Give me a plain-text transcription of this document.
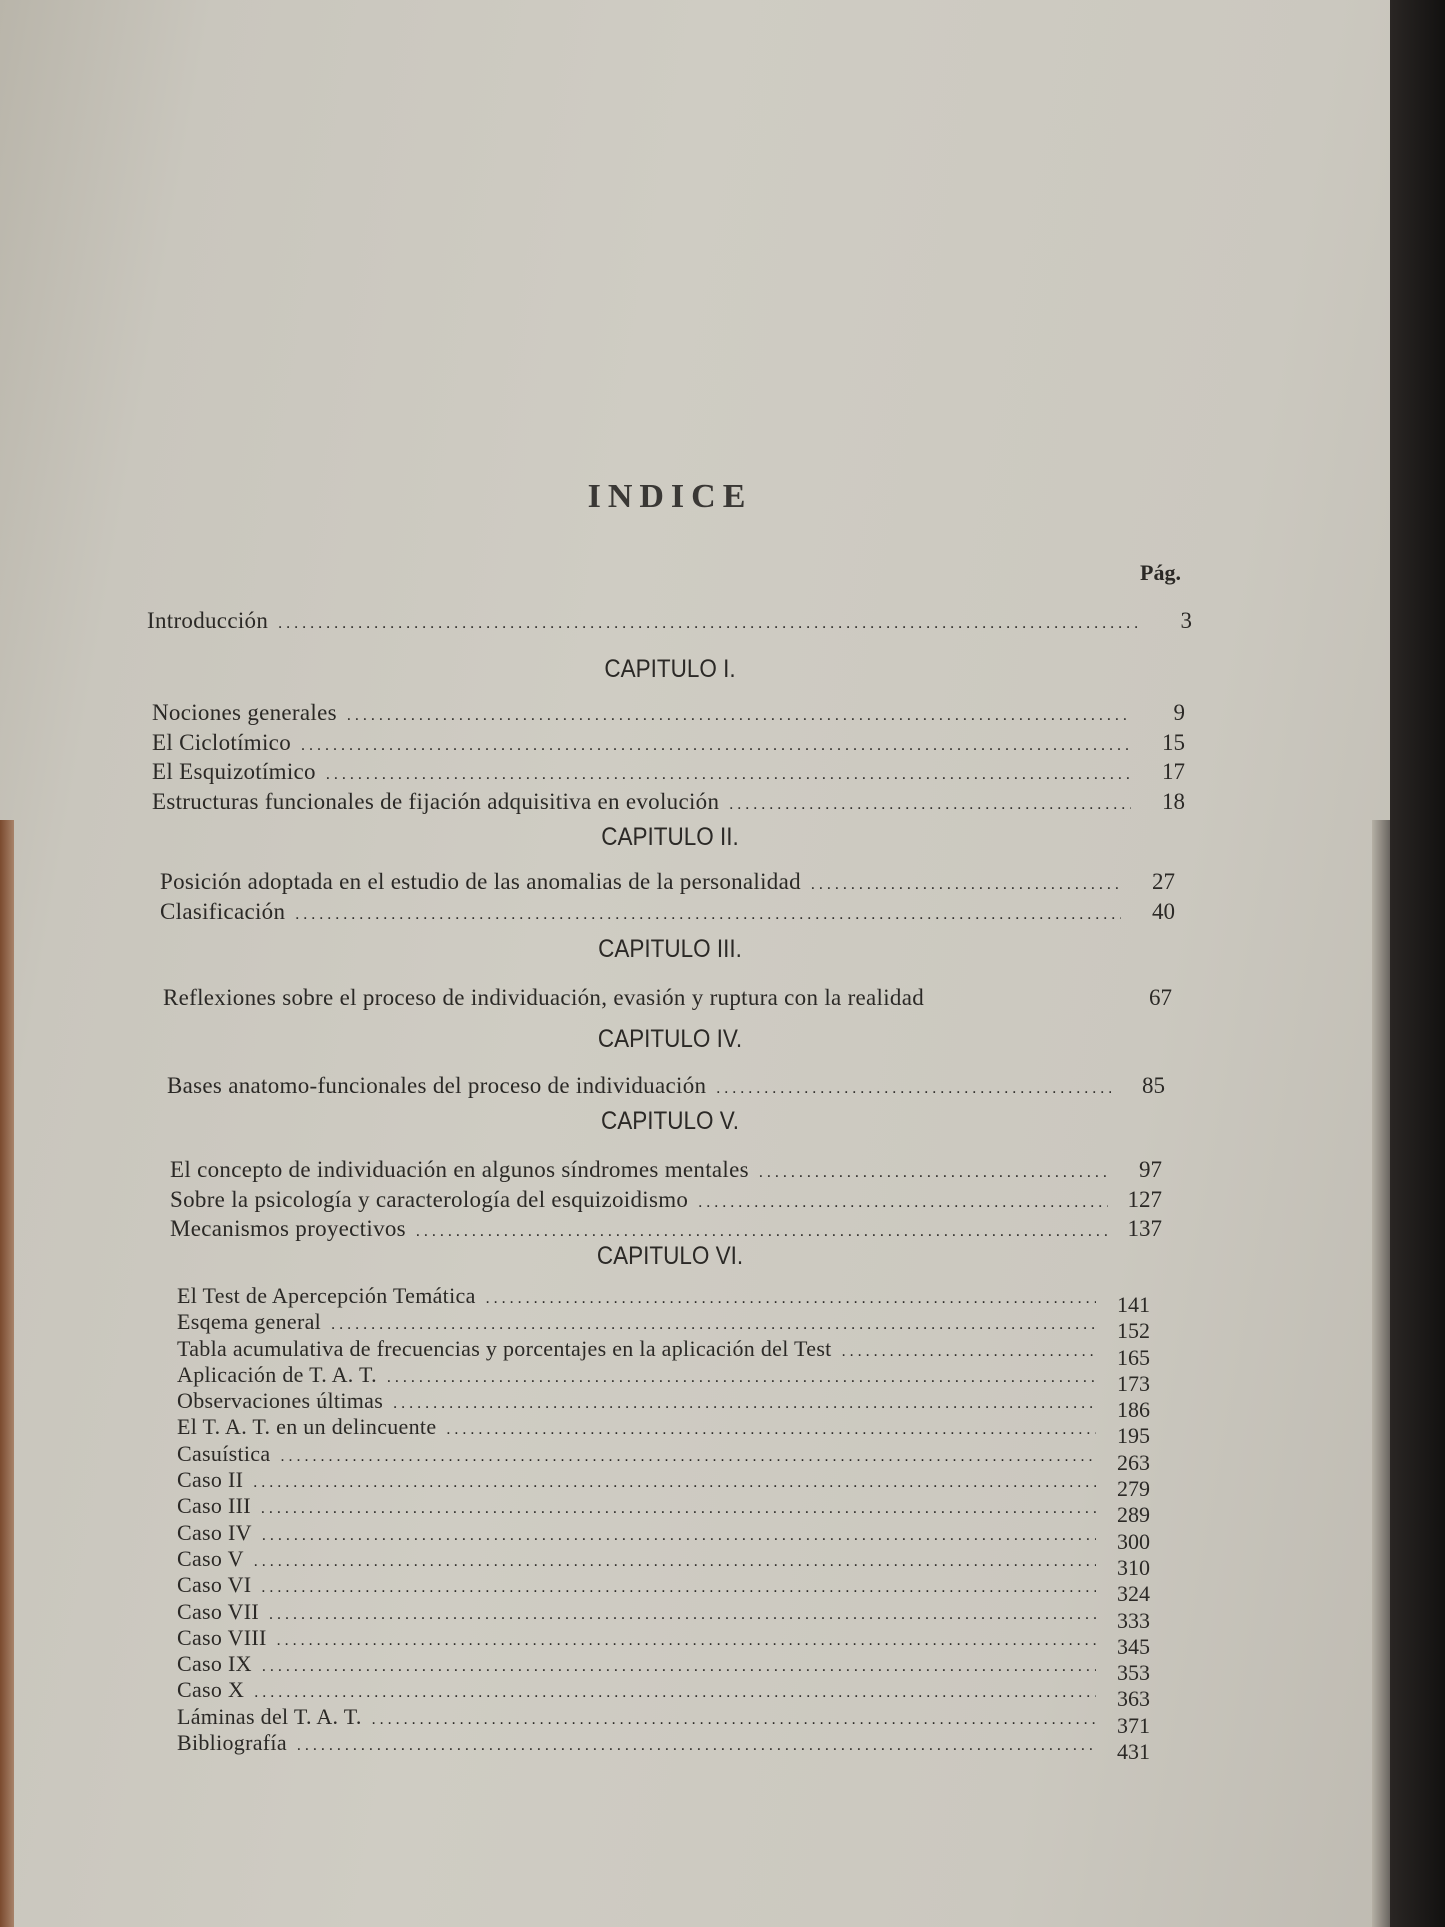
INDICE
Pág.
Introducción .....	3
CAPITULO I.
Nociones generales .....	9
El Ciclotímico .....	15
El Esquizotímico .....	17
Estructuras funcionales de fijación adquisitiva en evolución .....	18
CAPITULO II.
Posición adoptada en el estudio de las anomalias de la personalidad .....	27
Clasificación .....	40
CAPITULO III.
Reflexiones sobre el proceso de individuación, evasión y ruptura con la realidad	67
CAPITULO IV.
Bases anatomo-funcionales del proceso de individuación .....	85
CAPITULO V.
El concepto de individuación en algunos síndromes mentales .....	97
Sobre la psicología y caracterología del esquizoidismo .....	127
Mecanismos proyectivos .....	137
CAPITULO VI.
El Test de Apercepción Temática .....	141
Esqema general .....	152
Tabla acumulativa de frecuencias y porcentajes en la aplicación del Test .....	165
Aplicación de T. A. T. .....	173
Observaciones últimas .....	186
El T. A. T. en un delincuente .....	195
Casuística .....	263
Caso II .....	279
Caso III .....	289
Caso IV .....	300
Caso V .....	310
Caso VI .....	324
Caso VII .....	333
Caso VIII .....	345
Caso IX .....	353
Caso X .....	363
Láminas del T. A. T. .....	371
Bibliografía .....	431
